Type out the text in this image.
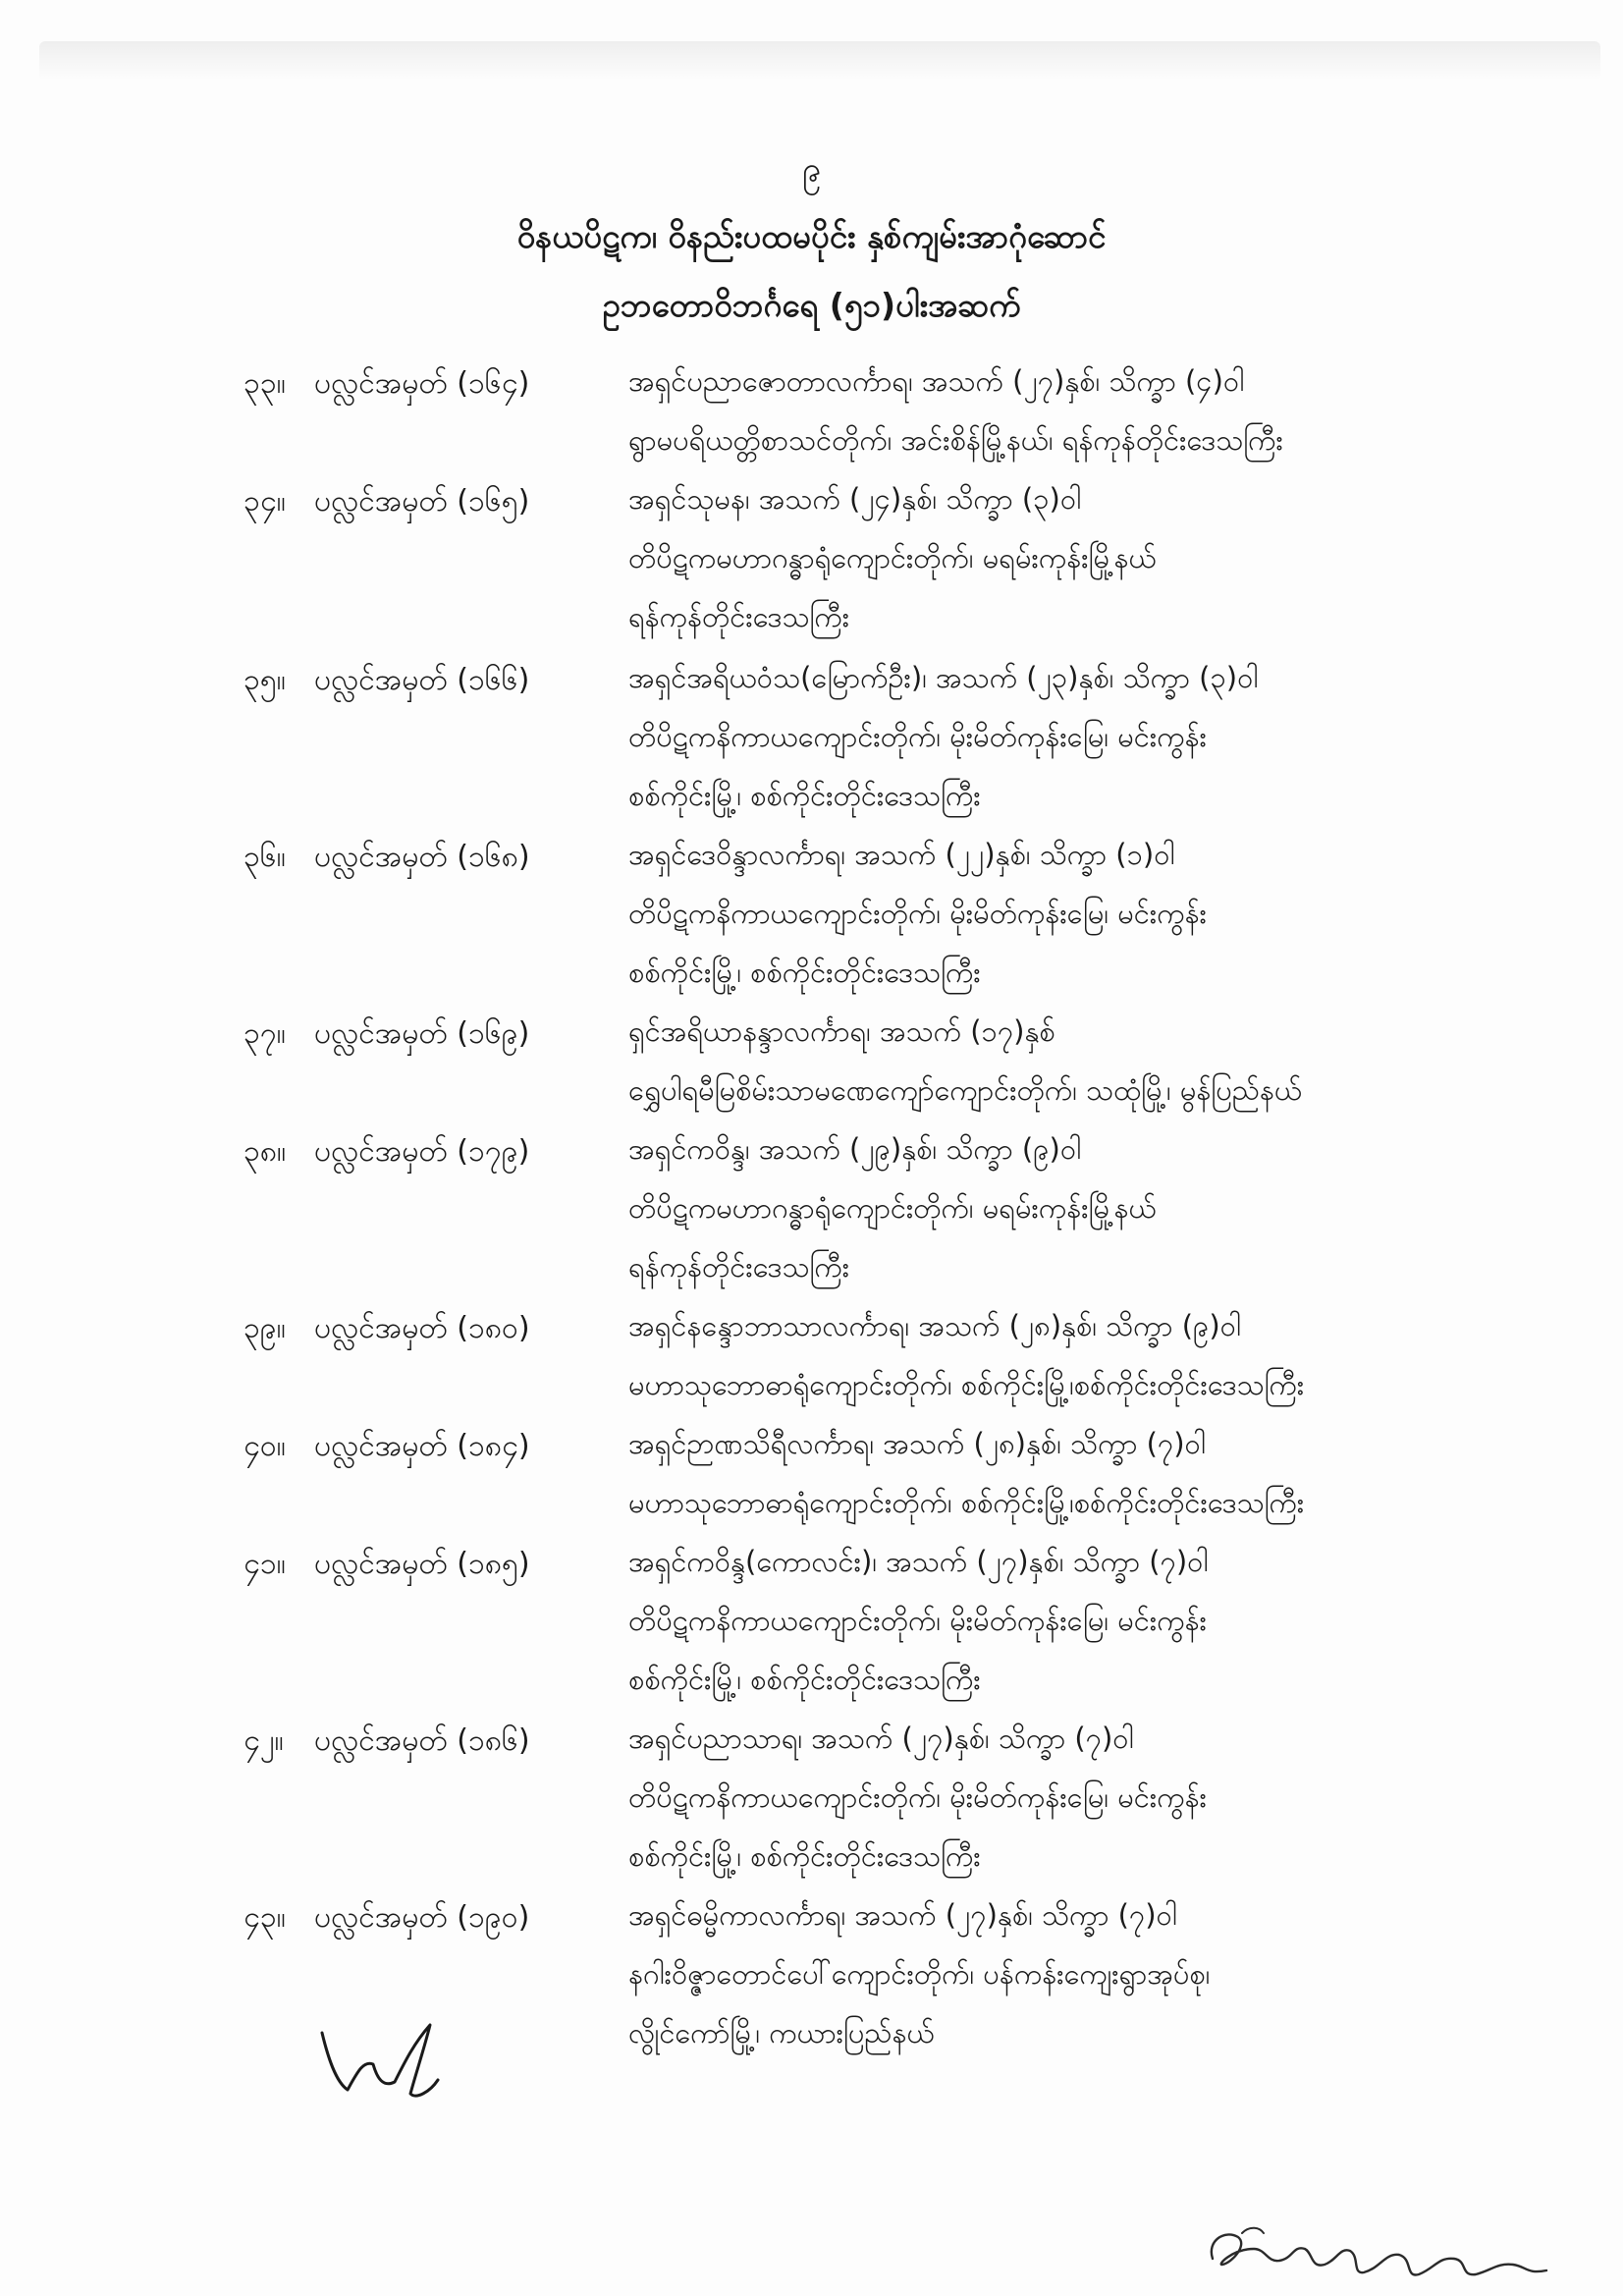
၉
ဝိနယပိဋက၊ ဝိနည်းပထမပိုင်း နှစ်ကျမ်းအာဂုံဆောင်
ဥဘတောဝိဘင်္ဂရေ (၅၁)ပါးအဆက်
၃၃။ ပလ္လင်အမှတ် (၁၆၄)	အရှင်ပညာဇောတာလင်္ကာရ၊ အသက် (၂၇)နှစ်၊ သိက္ခာ (၄)ဝါ
ရွာမပရိယတ္တိစာသင်တိုက်၊ အင်းစိန်မြို့နယ်၊ ရန်ကုန်တိုင်းဒေသကြီး
၃၄။ ပလ္လင်အမှတ် (၁၆၅)	အရှင်သုမန၊ အသက် (၂၄)နှစ်၊ သိက္ခာ (၃)ဝါ
တိပိဋကမဟာဂန္ဓာရုံကျောင်းတိုက်၊ မရမ်းကုန်းမြို့နယ်
ရန်ကုန်တိုင်းဒေသကြီး
၃၅။ ပလ္လင်အမှတ် (၁၆၆)	အရှင်အရိယဝံသ(မြောက်ဦး)၊ အသက် (၂၃)နှစ်၊ သိက္ခာ (၃)ဝါ
တိပိဋကနိကာယကျောင်းတိုက်၊ မိုးမိတ်ကုန်းမြေ၊ မင်းကွန်း
စစ်ကိုင်းမြို့၊ စစ်ကိုင်းတိုင်းဒေသကြီး
၃၆။ ပလ္လင်အမှတ် (၁၆၈)	အရှင်ဒေဝိန္ဒာလင်္ကာရ၊ အသက် (၂၂)နှစ်၊ သိက္ခာ (၁)ဝါ
တိပိဋကနိကာယကျောင်းတိုက်၊ မိုးမိတ်ကုန်းမြေ၊ မင်းကွန်း
စစ်ကိုင်းမြို့၊ စစ်ကိုင်းတိုင်းဒေသကြီး
၃၇။ ပလ္လင်အမှတ် (၁၆၉)	ရှင်အရိယာနန္ဒာလင်္ကာရ၊ အသက် (၁၇)နှစ်
ရွှေပါရမီမြစိမ်းသာမဏေကျော်ကျောင်းတိုက်၊ သထုံမြို့၊ မွန်ပြည်နယ်
၃၈။ ပလ္လင်အမှတ် (၁၇၉)	အရှင်ကဝိန္ဒ၊ အသက် (၂၉)နှစ်၊ သိက္ခာ (၉)ဝါ
တိပိဋကမဟာဂန္ဓာရုံကျောင်းတိုက်၊ မရမ်းကုန်းမြို့နယ်
ရန်ကုန်တိုင်းဒေသကြီး
၃၉။ ပလ္လင်အမှတ် (၁၈၀)	အရှင်နန္ဒောဘာသာလင်္ကာရ၊ အသက် (၂၈)နှစ်၊ သိက္ခာ (၉)ဝါ
မဟာသုဘောဓာရုံကျောင်းတိုက်၊ စစ်ကိုင်းမြို့၊စစ်ကိုင်းတိုင်းဒေသကြီး
၄၀။ ပလ္လင်အမှတ် (၁၈၄)	အရှင်ဉာဏသိရီလင်္ကာရ၊ အသက် (၂၈)နှစ်၊ သိက္ခာ (၇)ဝါ
မဟာသုဘောဓာရုံကျောင်းတိုက်၊ စစ်ကိုင်းမြို့၊စစ်ကိုင်းတိုင်းဒေသကြီး
၄၁။ ပလ္လင်အမှတ် (၁၈၅)	အရှင်ကဝိန္ဒ(ကောလင်း)၊ အသက် (၂၇)နှစ်၊ သိက္ခာ (၇)ဝါ
တိပိဋကနိကာယကျောင်းတိုက်၊ မိုးမိတ်ကုန်းမြေ၊ မင်းကွန်း
စစ်ကိုင်းမြို့၊ စစ်ကိုင်းတိုင်းဒေသကြီး
၄၂။ ပလ္လင်အမှတ် (၁၈၆)	အရှင်ပညာသာရ၊ အသက် (၂၇)နှစ်၊ သိက္ခာ (၇)ဝါ
တိပိဋကနိကာယကျောင်းတိုက်၊ မိုးမိတ်ကုန်းမြေ၊ မင်းကွန်း
စစ်ကိုင်းမြို့၊ စစ်ကိုင်းတိုင်းဒေသကြီး
၄၃။ ပလ္လင်အမှတ် (၁၉၀)	အရှင်ဓမ္မိကာလင်္ကာရ၊ အသက် (၂၇)နှစ်၊ သိက္ခာ (၇)ဝါ
နဂါးဝိဇ္ဇာတောင်ပေါ်ကျောင်းတိုက်၊ ပန်ကန်းကျေးရွာအုပ်စု၊
လွိုင်ကော်မြို့၊ ကယားပြည်နယ်
